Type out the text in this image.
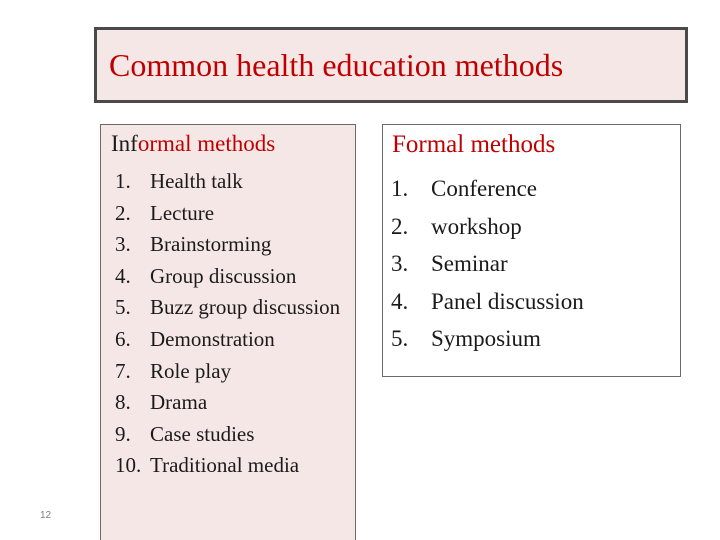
Common health education methods
Informal methods
1. Health talk
2. Lecture
3. Brainstorming
4. Group discussion
5. Buzz group discussion
6. Demonstration
7. Role play
8. Drama
9. Case studies
10. Traditional media
Formal methods
1. Conference
2. workshop
3. Seminar
4. Panel discussion
5. Symposium
12
